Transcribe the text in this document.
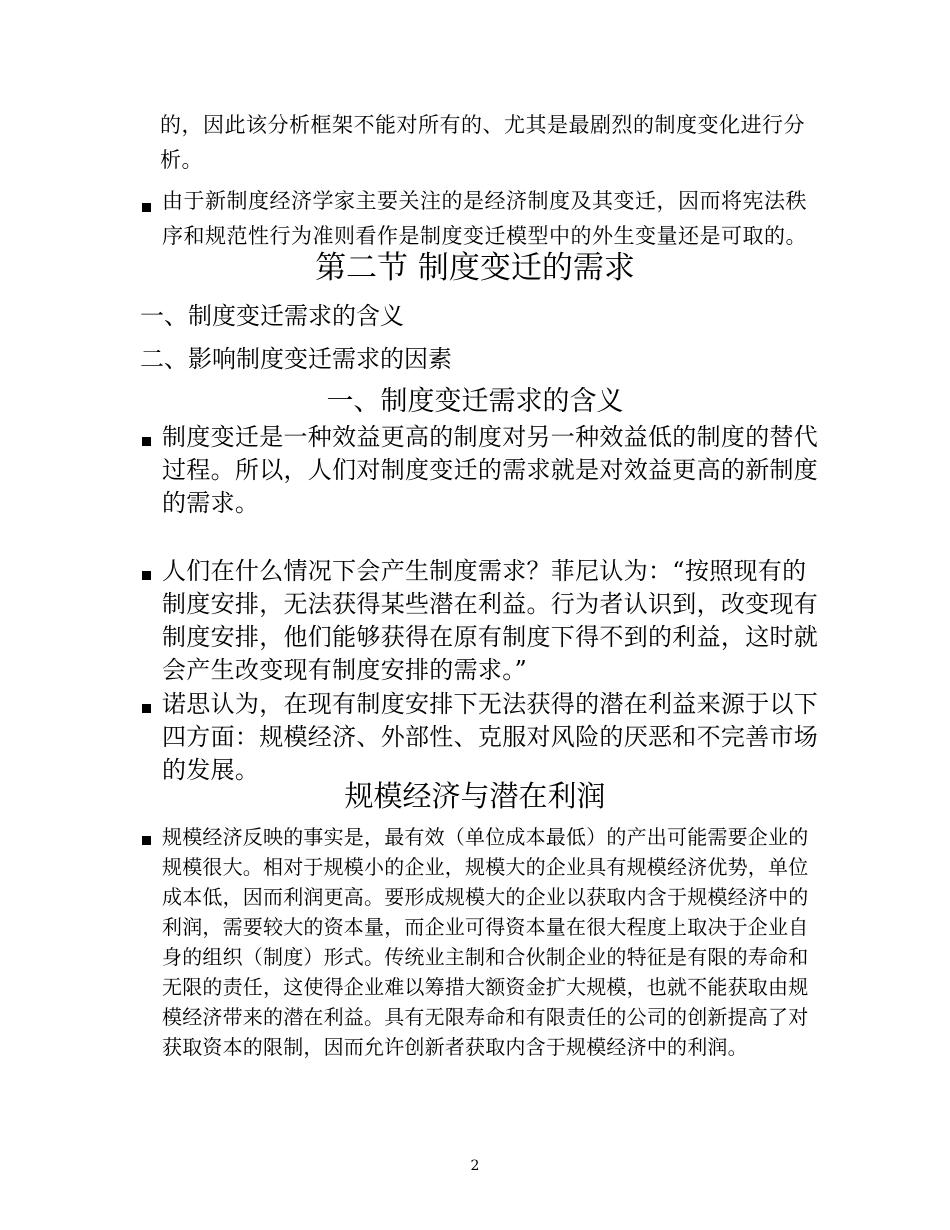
的，因此该分析框架不能对所有的、尤其是最剧烈的制度变化进行分析。

由于新制度经济学家主要关注的是经济制度及其变迁，因而将宪法秩序和规范性行为准则看作是制度变迁模型中的外生变量还是可取的。

第二节 制度变迁的需求

一、制度变迁需求的含义

二、影响制度变迁需求的因素

一、制度变迁需求的含义

制度变迁是一种效益更高的制度对另一种效益低的制度的替代过程。所以，人们对制度变迁的需求就是对效益更高的新制度的需求。

人们在什么情况下会产生制度需求？菲尼认为：“按照现有的制度安排，无法获得某些潜在利益。行为者认识到，改变现有制度安排，他们能够获得在原有制度下得不到的利益，这时就会产生改变现有制度安排的需求。”

诺思认为，在现有制度安排下无法获得的潜在利益来源于以下四方面：规模经济、外部性、克服对风险的厌恶和不完善市场的发展。

规模经济与潜在利润

规模经济反映的事实是，最有效（单位成本最低）的产出可能需要企业的规模很大。相对于规模小的企业，规模大的企业具有规模经济优势，单位成本低，因而利润更高。要形成规模大的企业以获取内含于规模经济中的利润，需要较大的资本量，而企业可得资本量在很大程度上取决于企业自身的组织（制度）形式。传统业主制和合伙制企业的特征是有限的寿命和无限的责任，这使得企业难以筹措大额资金扩大规模，也就不能获取由规模经济带来的潜在利益。具有无限寿命和有限责任的公司的创新提高了对获取资本的限制，因而允许创新者获取内含于规模经济中的利润。

2
